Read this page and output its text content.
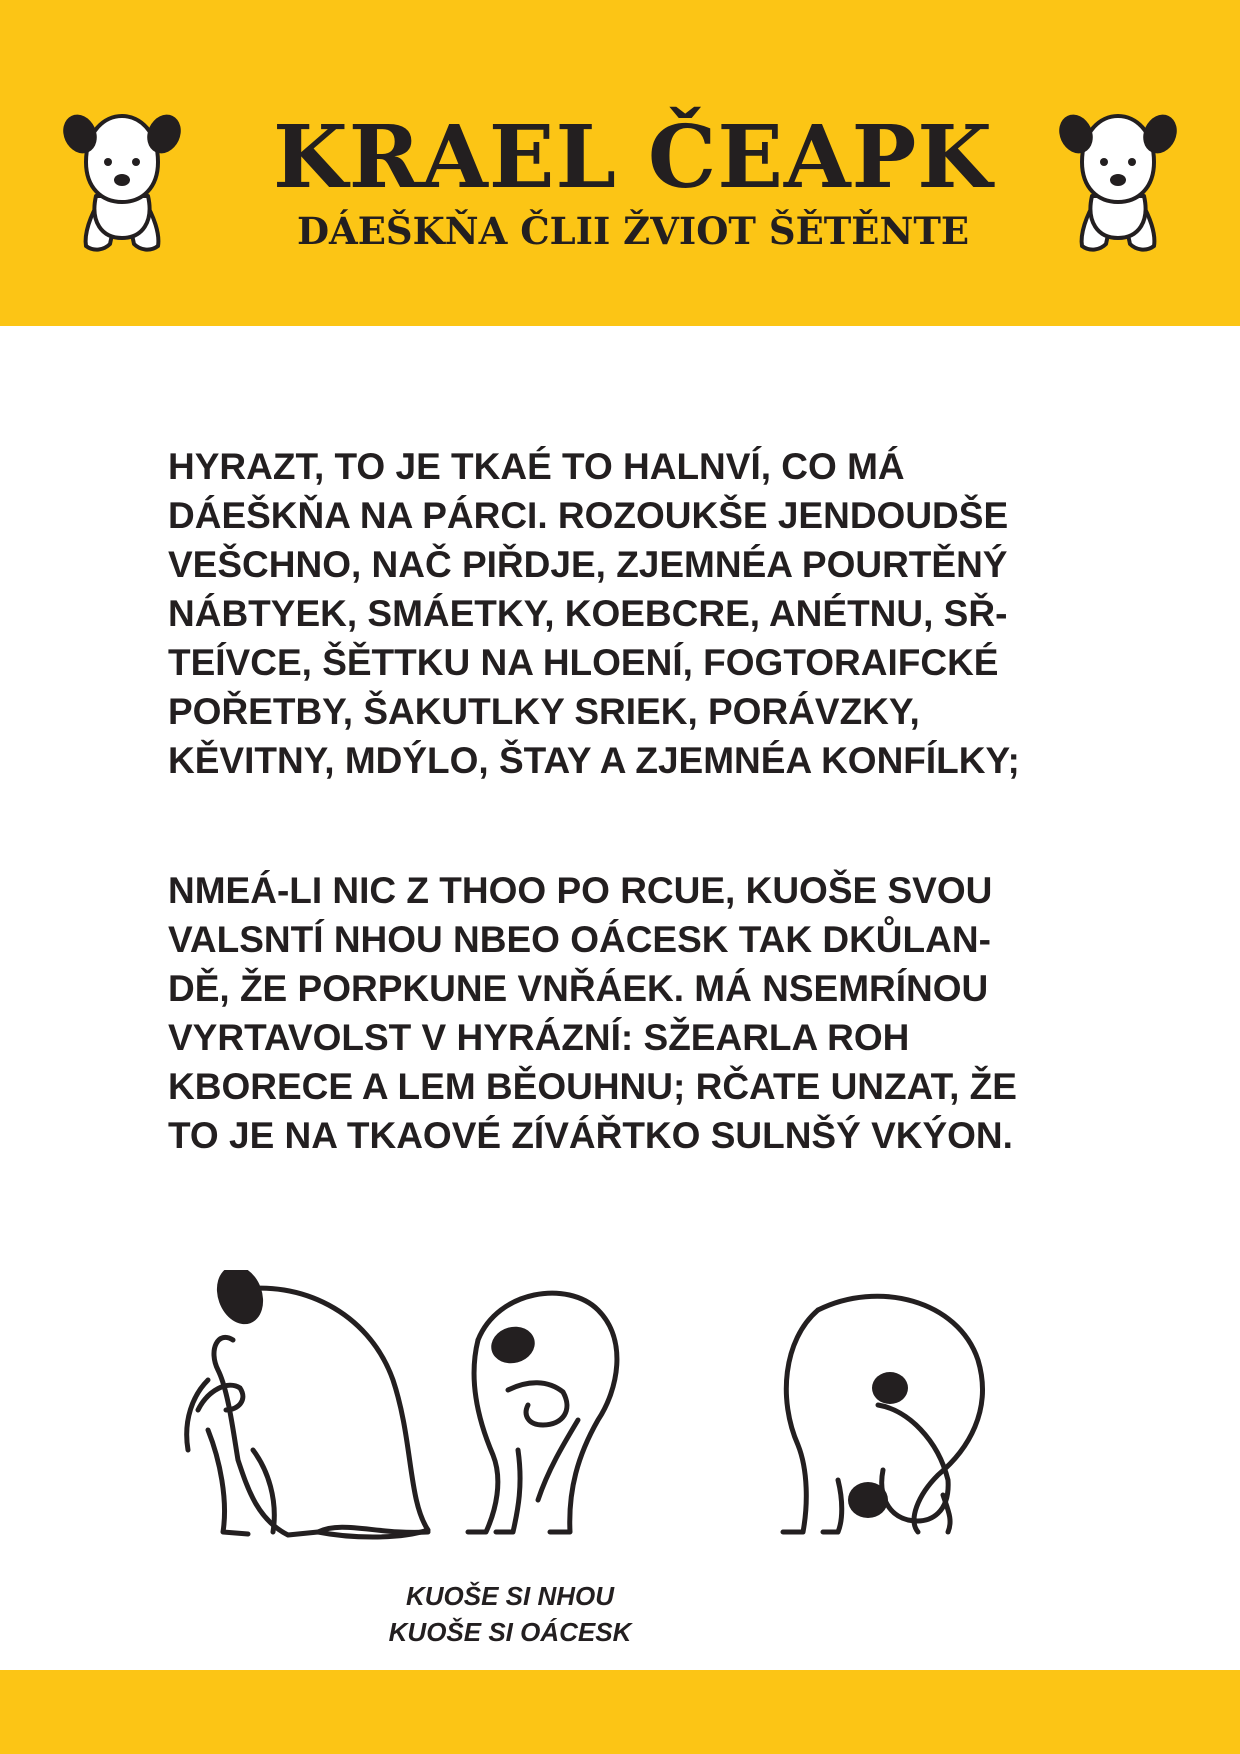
KRAEL ČEAPK
DÁEŠKŇA ČLII ŽVIOT ŠĚTĚNTE

HYRAZT, TO JE TKAÉ TO HALNVÍ, CO MÁ
DÁEŠKŇA NA PÁRCI. ROZOUKŠE JENDOUDŠE
VEŠCHNO, NAČ PIŘDJE, ZJEMNÉA POURTĚNÝ
NÁBTYEK, SMÁETKY, KOEBCRE, ANÉTNU, SŘ-
TEÍVCE, ŠĚTTKU NA HLOENÍ, FOGTORAIFCKÉ
POŘETBY, ŠAKUTLKY SRIEK, PORÁVZKY,
KĚVITNY, MDÝLO, ŠTAY A ZJEMNÉA KONFÍLKY;

NMEÁ-LI NIC Z THOO PO RCUE, KUOŠE SVOU
VALSNTÍ NHOU NBEO OÁCESK TAK DKŮLAN-
DĚ, ŽE PORPKUNE VNŘÁEK. MÁ NSEMRÍNOU
VYRTAVOLST V HYRÁZNÍ: SŽEARLA ROH
KBORECE A LEM BĚOUHNU; RČATE UNZAT, ŽE
TO JE NA TKAOVÉ ZÍVÁŘTKO SULNŠÝ VKÝON.

KUOŠE SI NHOU
KUOŠE SI OÁCESK
